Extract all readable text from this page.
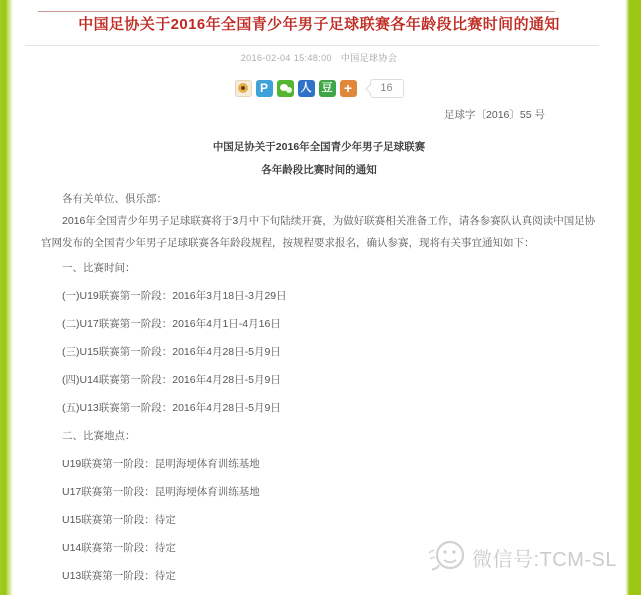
中国足协关于2016年全国青少年男子足球联赛各年龄段比赛时间的通知
2016-02-04 15:48:00 中国足球协会
P	人 豆 +	16
足球字〔2016〕55 号
中国足协关于2016年全国青少年男子足球联赛
各年龄段比赛时间的通知

各有关单位、俱乐部：

2016年全国青少年男子足球联赛将于3月中下旬陆续开赛，为做好联赛相关准备工作，请各参赛队认真阅读中国足协官网发布的全国青少年男子足球联赛各年龄段规程，按规程要求报名，确认参赛，现将有关事宜通知如下：

一、比赛时间：

(一)U19联赛第一阶段：2016年3月18日-3月29日

(二)U17联赛第一阶段：2016年4月1日-4月16日

(三)U15联赛第一阶段：2016年4月28日-5月9日

(四)U14联赛第一阶段：2016年4月28日-5月9日

(五)U13联赛第一阶段：2016年4月28日-5月9日

二、比赛地点：

U19联赛第一阶段：昆明海埂体育训练基地

U17联赛第一阶段：昆明海埂体育训练基地

U15联赛第一阶段：待定

U14联赛第一阶段：待定

U13联赛第一阶段：待定

微信号:TCM-SL
